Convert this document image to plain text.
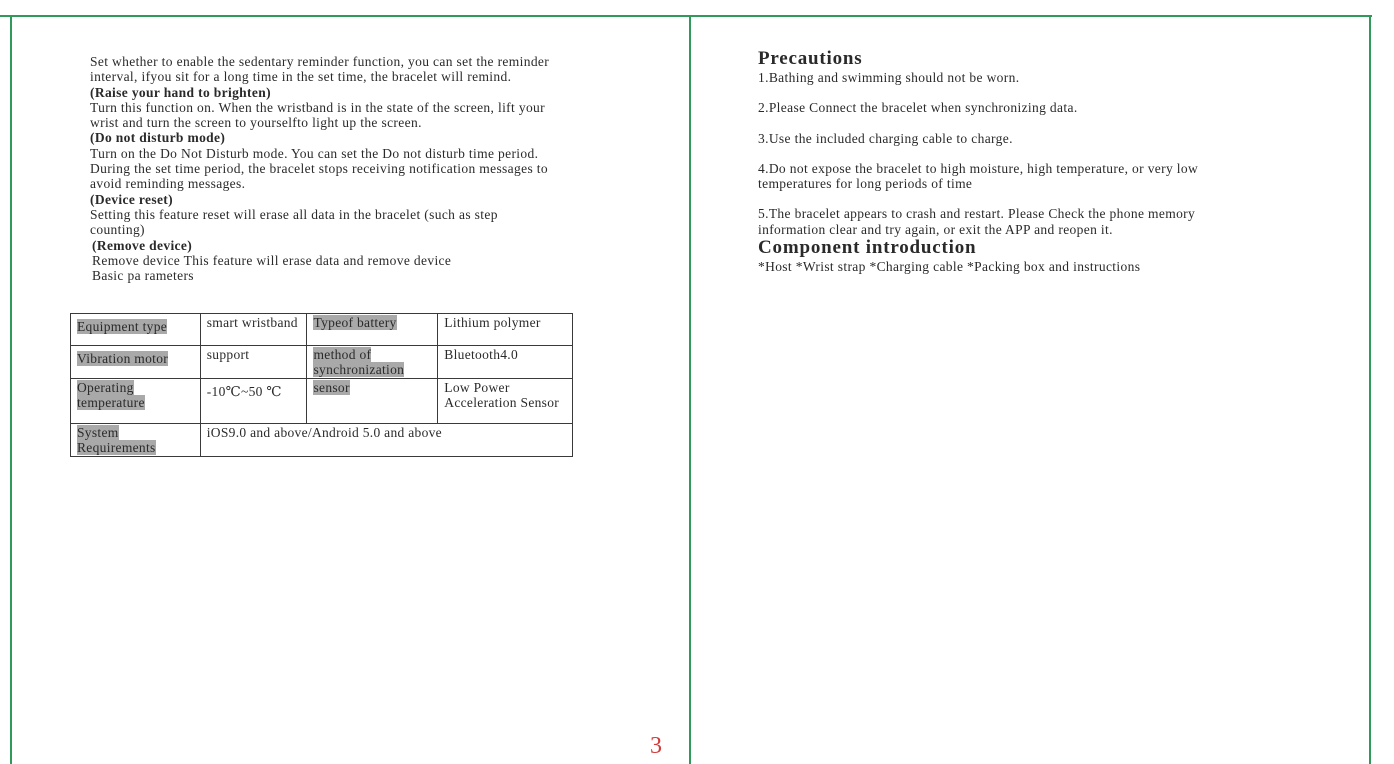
Set whether to enable the sedentary reminder function, you can set the reminder

interval, ifyou sit for a long time in the set time, the bracelet will remind.

(Raise your hand to brighten)

Turn this function on. When the wristband is in the state of the screen, lift your

wrist and turn the screen to yourselfto light up the screen.

(Do not disturb mode)

Turn on the Do Not Disturb mode. You can set the Do not disturb time period.

During the set time period, the bracelet stops receiving notification messages to

avoid reminding messages.

(Device reset)

Setting this feature reset will erase all data in the bracelet (such as step

counting)

(Remove device)

Remove device This feature will erase data and remove device

Basic pa rameters

Equipment type	smart wristband	Typeof battery	Lithium polymer
Vibration motor	support	method of synchronization	Bluetooth4.0
Operating temperature	-10℃~50 ℃	sensor	Low Power Acceleration Sensor
System Requirements	iOS9.0 and above/Android 5.0 and above		
3

Precautions

1.Bathing and swimming should not be worn.

2.Please Connect the bracelet when synchronizing data.

3.Use the included charging cable to charge.

4.Do not expose the bracelet to high moisture, high temperature, or very low

temperatures for long periods of time

5.The bracelet appears to crash and restart. Please Check the phone memory

information clear and try again, or exit the APP and reopen it.

Component introduction

*Host *Wrist strap *Charging cable *Packing box and instructions
